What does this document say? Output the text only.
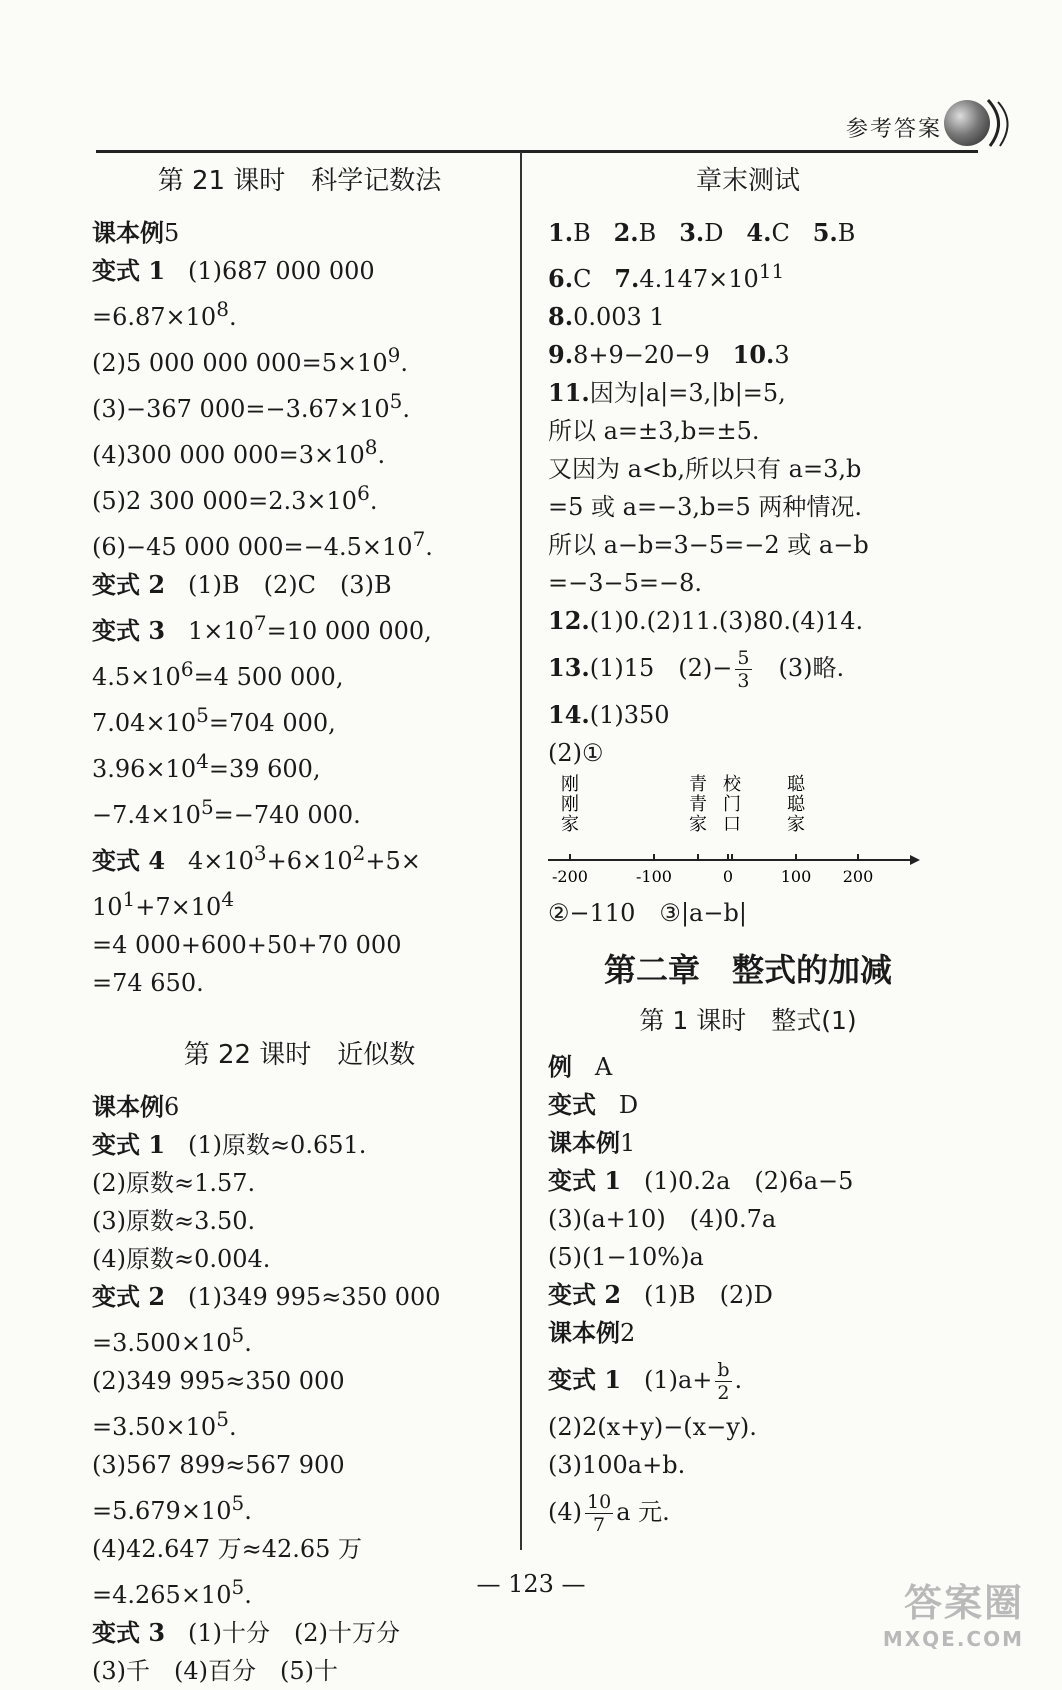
参考答案
第 21 课时　科学记数法
课本例5
变式 1 (1)687 000 000
$=6.87\times 10^8$.
(2)5 000 000 $000=5\times 10^9$.
(3)−367 $000=-3.67\times 10^5$.
(4)300 000 $000=3\times 10^8$.
(5)2 300 $000=2.3\times 10^6$.
(6)−45 000 $000=-4.5\times 10^7$.
变式 2 (1)B　(2)C　(3)B
变式 3 $1\times 10^7=10$ 000 000,
$4.5\times 10^6=4$ 500 000,
$7.04\times 10^5=704$ 000,
$3.96\times 10^4=39$ 600,
$-7.4\times 10^5=-740$ 000.
变式 4 $4\times 10^3+6\times 10^2+5\times$
$10^1+7\times 10^4$
=4 000+600+50+70 000
=74 650.
第 22 课时　近似数
课本例6
变式 1 (1)原数≈0.651.
(2)原数≈1.57.
(3)原数≈3.50.
(4)原数≈0.004.
变式 2 (1)349 995≈350 000
$=3.500\times 10^5$.
(2)349 995≈350 000
$=3.50\times 10^5$.
(3)567 899≈567 900
$=5.679\times 10^5$.
(4)42.647 万≈42.65 万
$=4.265\times 10^5$.
变式 3 (1)十分　(2)十万分
(3)千　(4)百分　(5)十
章末测试
1.B 2.B 3.D 4.C 5.B
6.C $7.4.147\times 10^{11}$
8.0.003 1
9.8+9−20−9 10.3
11.因为|a|=3,|b|=5,
所以 a=±3,b=±5.
又因为 a<b,所以只有 a=3,b
=5 或 a=−3,b=5 两种情况.
所以 a−b=3−5=−2 或 a−b
=−3−5=−8.
12.(1)0.(2)11.(3)80.(4)14.
13.(1)15　$(2)- \frac{5}{3}$ 　(3)略.
14.(1)350
(2)①
刚
刚
家
青
青
家
校
门
口
聪
聪
家
-200	-100	0	100 200
②−110　③|a−b|
第二章　整式的加减
第 1 课时　整式(1)
例 A
变式 D
课本例1
变式 1 (1)0.2a　(2)6a−5
(3)(a+10)　(4)0.7a
(5)(1−10%)a
变式 2 (1)B　(2)D
课本例2
变式 1 $(1)a+ \frac{b}{2}$ .
(2)2(x+y)−(x−y).
(3)100a+b.
$(4) \frac{10}{7}$ a 元.
— 123 —	答案圈
MXQE.COM
